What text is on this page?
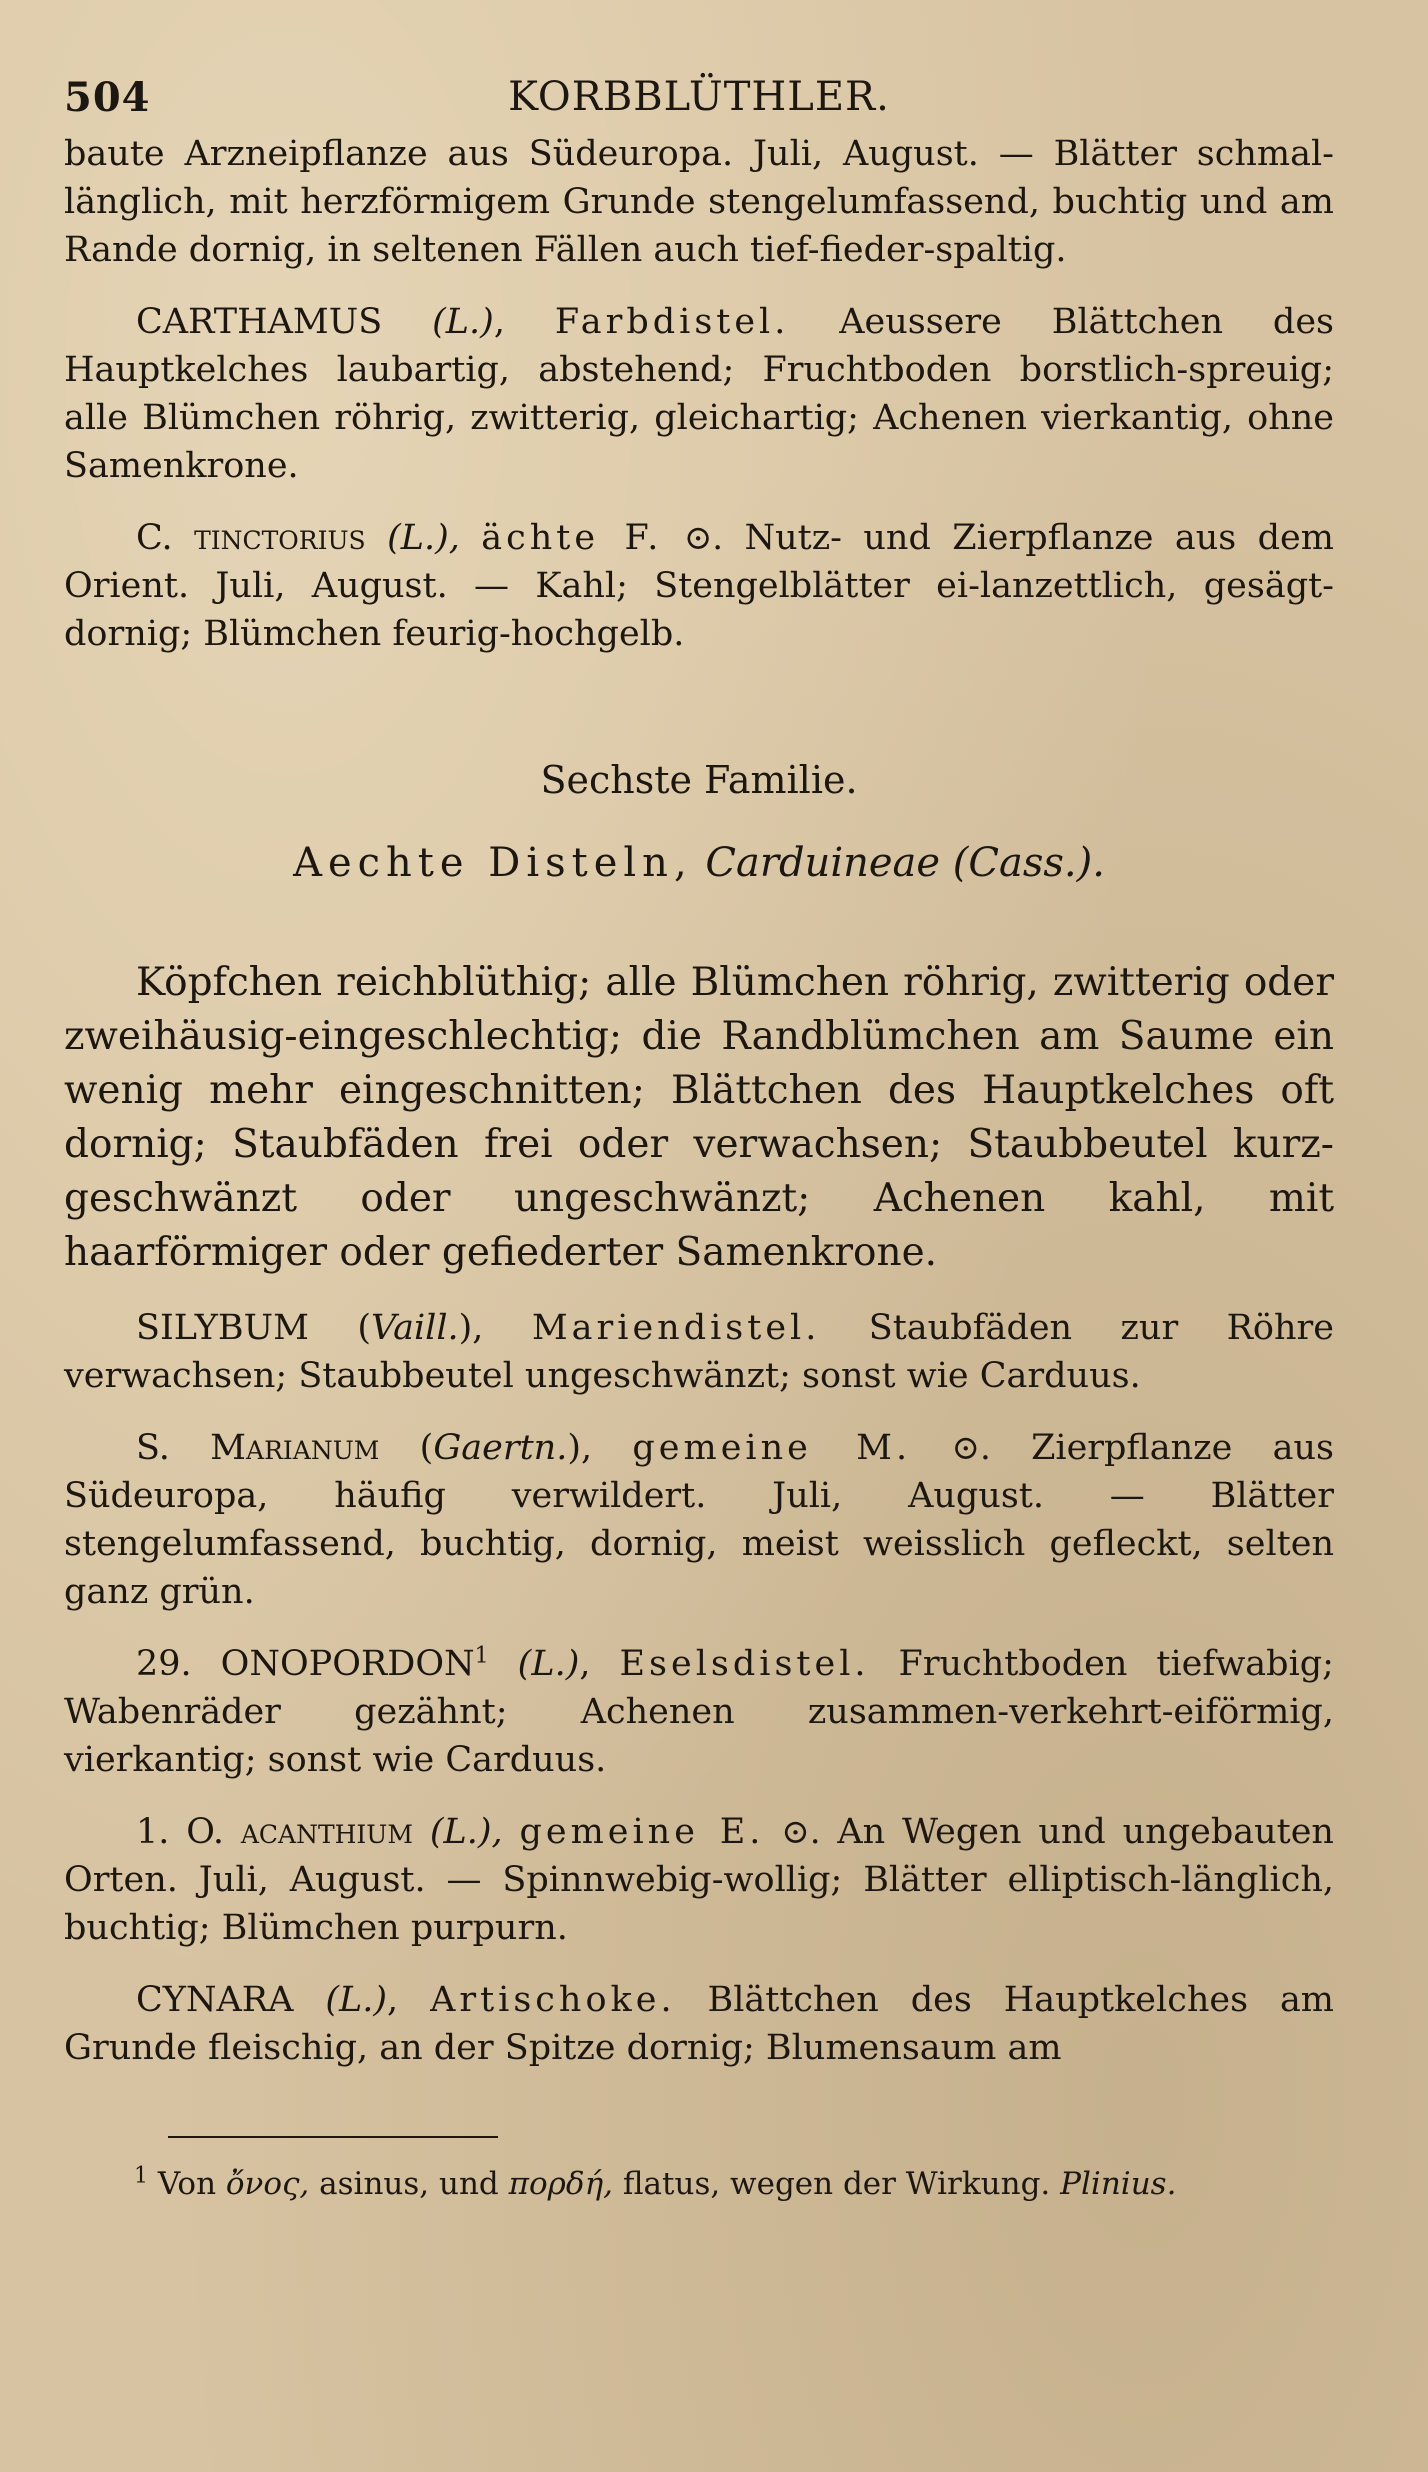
504	KORBBLÜTHLER.

baute Arzneipflanze aus Südeuropa. Juli, August. — Blätter schmal-länglich, mit herzförmigem Grunde stengelumfassend, buchtig und am Rande dornig, in seltenen Fällen auch tief-fieder-spaltig.

CARTHAMUS (L.), Farbdistel. Aeussere Blättchen des Hauptkelches laubartig, abstehend; Fruchtboden borstlich-spreuig; alle Blümchen röhrig, zwitterig, gleichartig; Achenen vierkantig, ohne Samenkrone.

C. tinctorius (L.), ächte F. ⊙. Nutz- und Zierpflanze aus dem Orient. Juli, August. — Kahl; Stengelblätter ei-lanzettlich, gesägt-dornig; Blümchen feurig-hochgelb.

Sechste Familie.
Aechte Disteln, Carduineae (Cass.).

Köpfchen reichblüthig; alle Blümchen röhrig, zwitterig oder zweihäusig-eingeschlechtig; die Randblümchen am Saume ein wenig mehr eingeschnitten; Blättchen des Hauptkelches oft dornig; Staubfäden frei oder verwachsen; Staubbeutel kurz-geschwänzt oder ungeschwänzt; Achenen kahl, mit haarförmiger oder gefiederter Samenkrone.

SILYBUM (Vaill.), Mariendistel. Staubfäden zur Röhre verwachsen; Staubbeutel ungeschwänzt; sonst wie Carduus.

S. Marianum (Gaertn.), gemeine M. ⊙. Zierpflanze aus Südeuropa, häufig verwildert. Juli, August. — Blätter stengelumfassend, buchtig, dornig, meist weisslich gefleckt, selten ganz grün.

29. ONOPORDON$^1$ (L.), Eselsdistel. Fruchtboden tiefwabig; Wabenräder gezähnt; Achenen zusammen-verkehrt-eiförmig, vierkantig; sonst wie Carduus.

1. O. acanthium (L.), gemeine E. ⊙. An Wegen und ungebauten Orten. Juli, August. — Spinnwebig-wollig; Blätter elliptisch-länglich, buchtig; Blümchen purpurn.

CYNARA (L.), Artischoke. Blättchen des Hauptkelches am Grunde fleischig, an der Spitze dornig; Blumensaum am

$^1$ Von ὄνος, asinus, und πορδή, flatus, wegen der Wirkung. Plinius.
